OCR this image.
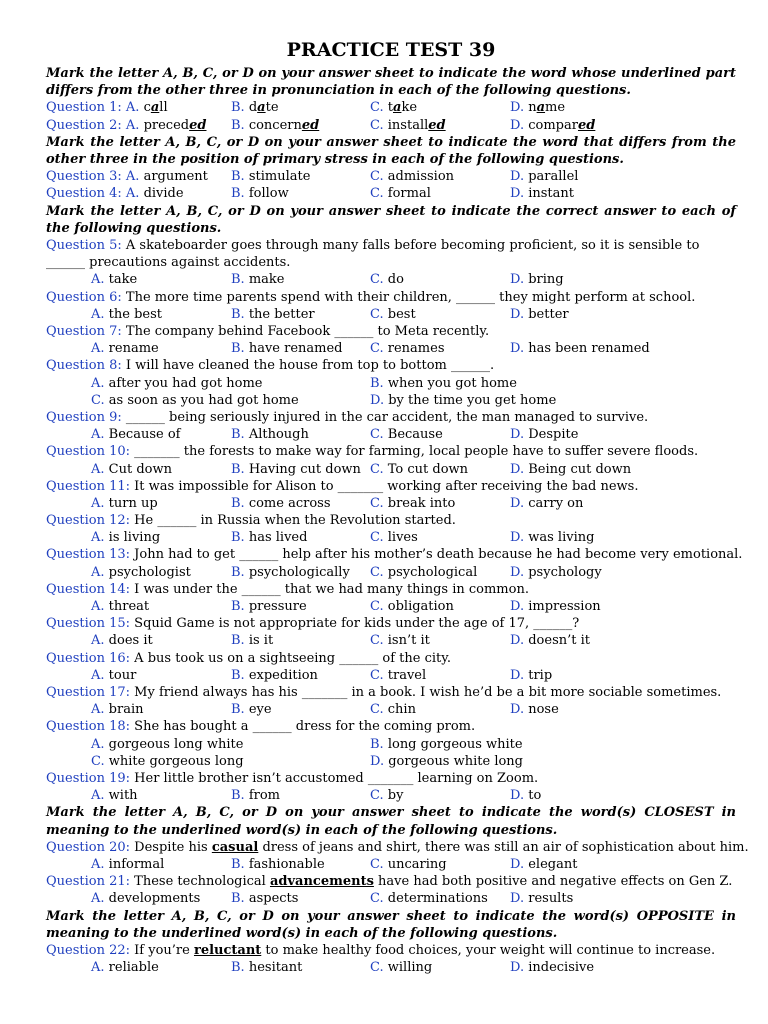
PRACTICE TEST 39
Mark the letter A, B, C, or D on your answer sheet to indicate the word whose underlined part differs from the other three in pronunciation in each of the following questions.
Question 1: A. call	B. date	C. take	D. name
Question 2: A. preceded B. concerned	C. installed	D. compared
Mark the letter A, B, C, or D on your answer sheet to indicate the word that differs from the other three in the position of primary stress in each of the following questions.
Question 3: A. argument B. stimulate	C. admission	D. parallel
Question 4: A. divide	B. follow	C. formal	D. instant
Mark the letter A, B, C, or D on your answer sheet to indicate the correct answer to each of the following questions.
Question 5: A skateboarder goes through many falls before becoming proficient, so it is sensible to ______ precautions against accidents.
A. take	B. make	C. do	D. bring
Question 6: The more time parents spend with their children, ______ they might perform at school.
A. the best	B. the better	C. best	D. better
Question 7: The company behind Facebook ______ to Meta recently.
A. rename	B. have renamed C. renames	D. has been renamed
Question 8: I will have cleaned the house from top to bottom ______.
A. after you had got home	B. when you got home
C. as soon as you had got home	D. by the time you get home
Question 9: ______ being seriously injured in the car accident, the man managed to survive.
A. Because of	B. Although	C. Because	D. Despite
Question 10: _______ the forests to make way for farming, local people have to suffer severe floods.
A. Cut down	B. Having cut down C. To cut down	D. Being cut down
Question 11: It was impossible for Alison to _______ working after receiving the bad news.
A. turn up	B. come across	C. break into	D. carry on
Question 12: He ______ in Russia when the Revolution started.
A. is living	B. has lived	C. lives	D. was living
Question 13: John had to get ______ help after his mother’s death because he had become very emotional.
A. psychologist	B. psychologically C. psychological	D. psychology
Question 14: I was under the ______ that we had many things in common.
A. threat	B. pressure	C. obligation	D. impression
Question 15: Squid Game is not appropriate for kids under the age of 17, ______?
A. does it	B. is it	C. isn’t it	D. doesn’t it
Question 16: A bus took us on a sightseeing ______ of the city.
A. tour	B. expedition	C. travel	D. trip
Question 17: My friend always has his _______ in a book. I wish he’d be a bit more sociable sometimes.
A. brain	B. eye	C. chin	D. nose
Question 18: She has bought a ______ dress for the coming prom.
A. gorgeous long white	B. long gorgeous white
C. white gorgeous long	D. gorgeous white long
Question 19: Her little brother isn’t accustomed _______ learning on Zoom.
A. with	B. from	C. by	D. to
Mark the letter A, B, C, or D on your answer sheet to indicate the word(s) CLOSEST in meaning to the underlined word(s) in each of the following questions.
Question 20: Despite his casual dress of jeans and shirt, there was still an air of sophistication about him.
A. informal	B. fashionable	C. uncaring	D. elegant
Question 21: These technological advancements have had both positive and negative effects on Gen Z.
A. developments B. aspects	C. determinations D. results
Mark the letter A, B, C, or D on your answer sheet to indicate the word(s) OPPOSITE in meaning to the underlined word(s) in each of the following questions.
Question 22: If you’re reluctant to make healthy food choices, your weight will continue to increase.
A. reliable	B. hesitant	C. willing	D. indecisive
